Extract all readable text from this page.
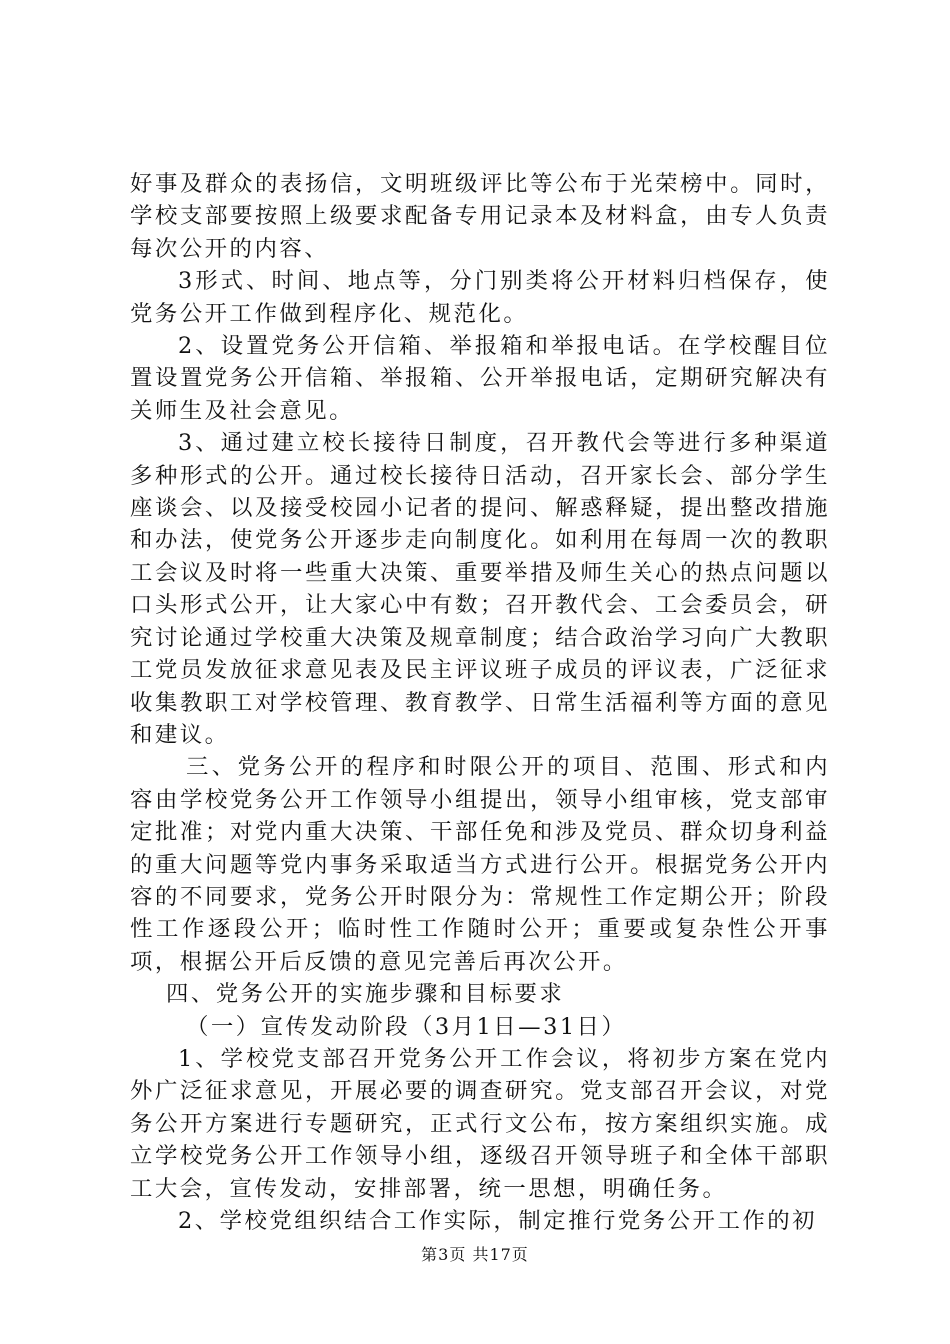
好事及群众的表扬信，文明班级评比等公布于光荣榜中。同时，学校支部要按照上级要求配备专用记录本及材料盒，由专人负责每次公开的内容、

3形式、时间、地点等，分门别类将公开材料归档保存，使党务公开工作做到程序化、规范化。

2、设置党务公开信箱、举报箱和举报电话。在学校醒目位置设置党务公开信箱、举报箱、公开举报电话，定期研究解决有关师生及社会意见。

3、通过建立校长接待日制度，召开教代会等进行多种渠道多种形式的公开。通过校长接待日活动，召开家长会、部分学生座谈会、以及接受校园小记者的提问、解惑释疑，提出整改措施和办法，使党务公开逐步走向制度化。如利用在每周一次的教职工会议及时将一些重大决策、重要举措及师生关心的热点问题以口头形式公开，让大家心中有数；召开教代会、工会委员会，研究讨论通过学校重大决策及规章制度；结合政治学习向广大教职工党员发放征求意见表及民主评议班子成员的评议表，广泛征求收集教职工对学校管理、教育教学、日常生活福利等方面的意见和建议。

三、党务公开的程序和时限公开的项目、范围、形式和内容由学校党务公开工作领导小组提出，领导小组审核，党支部审定批准；对党内重大决策、干部任免和涉及党员、群众切身利益的重大问题等党内事务采取适当方式进行公开。根据党务公开内容的不同要求，党务公开时限分为：常规性工作定期公开；阶段性工作逐段公开；临时性工作随时公开；重要或复杂性公开事项，根据公开后反馈的意见完善后再次公开。

四、党务公开的实施步骤和目标要求

（一）宣传发动阶段（3月1日—31日）

1、学校党支部召开党务公开工作会议，将初步方案在党内外广泛征求意见，开展必要的调查研究。党支部召开会议，对党务公开方案进行专题研究，正式行文公布，按方案组织实施。成立学校党务公开工作领导小组，逐级召开领导班子和全体干部职工大会，宣传发动，安排部署，统一思想，明确任务。

2、学校党组织结合工作实际，制定推行党务公开工作的初

第3页 共17页
